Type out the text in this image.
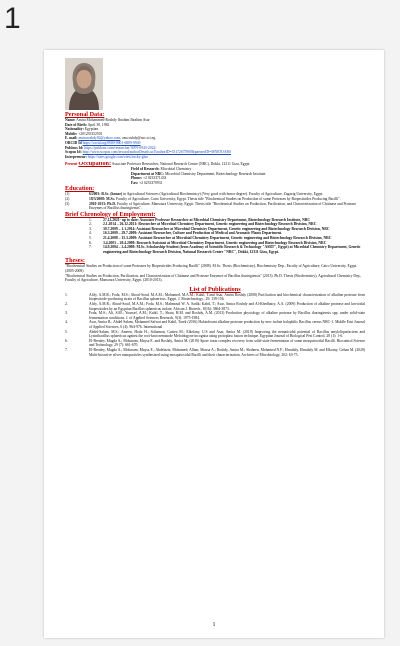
1
Personal Data:
Name: Amira Mohammed-Roshdy Ibrahim Ibrahim Asar
Date of Birth: April 30, 1982
Nationality: Egyptian
Mobile: +201235352501
E. mail: amiraroshdy82@yahoo.com, am.roshdy@nrc.sci.eg.
ORCID Id https://orcid.org/0000-0001-6809-9949
Publons Id: https://publons.com/researcher/AFN-0943-2022/
Scopus Id: http://www.scopus.com/inward/authorDetails.url?authorID=35172675900&partnerID=MN8TOARS
Interpreneur: https://sites.google.com/view/nrcky-glue
Present Occupation: Associate Professor Researcher, National Research Centre (NRC), Dokki, 12311 Giza, Egypt.
Field of Research: Microbial Chemistry
Department at NRC: Microbial Chemistry Department, Biotechnology Research Institute.
Phone: +2 0233371433
Fax: +2 0233370931
Education:
(1)	6/2003: B.Sc. (honor) in Agricultural Sciences (Agricultural Biochemistry) (Very good with honor degree). Faculty of Agriculture, Zagazig University, Egypt.
(2)	18/3/2008: M.Sc. Faculty of Agriculture, Cairo University, Egypt. Thesis title "Biochemical Studies on Production of some Proteases by Biopesticides Producing Bacilli".
(3)	2010-2013: Ph.D. Faculty of Agriculture, Mansoura University, Egypt. Thesis title "Biochemical Studies on Production, Purification, and Characterization of Chitinase and Protease Enzymes of Bacillus thuringiensis".
Brief Chronology of Employment:
1.	27.12.2021- up to date: Associate Professor Researcher at Microbial Chemistry Department, Biotechnology Research Institute, NRC
2.	2.1.2014 – 26.12.2021: Researcher at Microbial Chemistry Department, Genetic engineering and Biotechnology Research Division, NRC
3.	30.7.2009 – 1.1.2014: Assistant Researcher at Microbial Chemistry Department, Genetic engineering and Biotechnology Research Division, NRC
4.	16.3.2009 – 29.7.2009: Assistant Researcher, Culture and Production of Medical and Aromatic Plants Department.
5.	21.4.2008 – 15.3.2009: Assistant Researcher at Microbial Chemistry Department, Genetic engineering and Biotechnology Research Division, NRC
6.	3.4.2003 – 20.4.2008: Research Assistant at Microbial Chemistry Department, Genetic engineering and Biotechnology Research Division, NRC
7.	14.9.2004 – 2.4.2008: M.Sc. Scholarship-Student (from Academy of Scientific Research & Technology "ASRT", Egypt) at Microbial Chemistry Department, Genetic engineering and Biotechnology Research Division, National Research Centre "NRC", Dokki, 12311 Giza, Egypt.
Theses:
"Biochemical Studies on Production of some Proteases by Biopesticides Producing Bacilli" (2008). M.Sc. Thesis (Biochemistry), Biochemistry Dep., Faculty of Agriculture, Cairo University, Egypt. (2005-2008)
"Biochemical Studies on Production, Purification, and Characterization of Chitinase and Protease Enzymes of Bacillus thuringiensis" (2013). Ph.D. Thesis (Biochemistry), Agricultural Chemistry Dep., Faculty of Agriculture, Mansoura University, Egypt. (2010-2013).
List of Publications
1.	Afify, A.M.R.; Foda, M.S.; Aboul-Soud, M.A.M.; Mohamed, M.A.M.; Kahil, T.and Asar, Amira Roshdy (2008) Purification and biochemical characterization of alkaline protease from biopesticide-producing strain of Bacillus sphaericus. Egypt. J. Biotechnology., 29: 139-156.
2.	Afify, A.M.R.; Aboul-Soud, M.A.M.; Foda, M.S.; Mahmoud W. A. Sadik; Kahil, T.; Asar, Amira Roshdy and Al-Khedhairy, A.A. (2009) Production of alkaline protease and larvicidal biopesticides by an Egyptian Bacillus sphaericus isolate. African J. Biotech., 8(16): 3864-3873.
3.	Foda, M.S.; Ali, S.M.; Youssef, A.M.; Kahil, T.; Shata, H.M. and Roshdy, A.M. (2013) Production physiology of alkaline protease by Bacillus thuringiensis spp. under solid-state fermentation conditions. J. of Applied Sciences Research, 9(3): 1975-1984.
4.	Asar, Amira R.; Abdel-Salam, Mohamed Safwat and Kahil, Tarek (2016) Halotolerant alkaline protease production by new isolate halophilic Bacillus cereus NRC-1. Middle East Journal of Applied Sciences, 6 (4): 964-976. International
5.	Abdel-Salam, M.S.; Ameen, Hoda H.; Soliaman, Gaziea M.; Elkelany, U.S and Asar, Amira M. (2018) Improving the nematicidal potential of Bacillus amyloliquefaciens and Lysinibacillus sphaericus against the root-knot nematode Meloidogyne incognita using protoplast fusion technique. Egyptian Journal of Biological Pest Control, 28 (1): 1-6.
6.	El-Beraley, Magda A.; Moharam, Maysa E. and Roshdy, Amira M. (2019) Spore toxin complex recovery from solid-state fermentation of some mosquitocidal Bacilli. Biocontrol Science and Technology, 29 (7): 661-670.
7.	El-Beraley, Magda A.; Moharam, Maysa E.; Abdelaziz, Mohamed; Allam, Mousa A.; Roshdy, Amira M.; Shaheen, Mohamed N.F.; Elmahdy, Elmahdy M. and Elkorny, Gehan M. (2020) Multi-bioactive silver nanoparticles synthesized using mosquitocidal Bacilli and their characterization. Archives of Microbiology, 202: 63-75.
1
